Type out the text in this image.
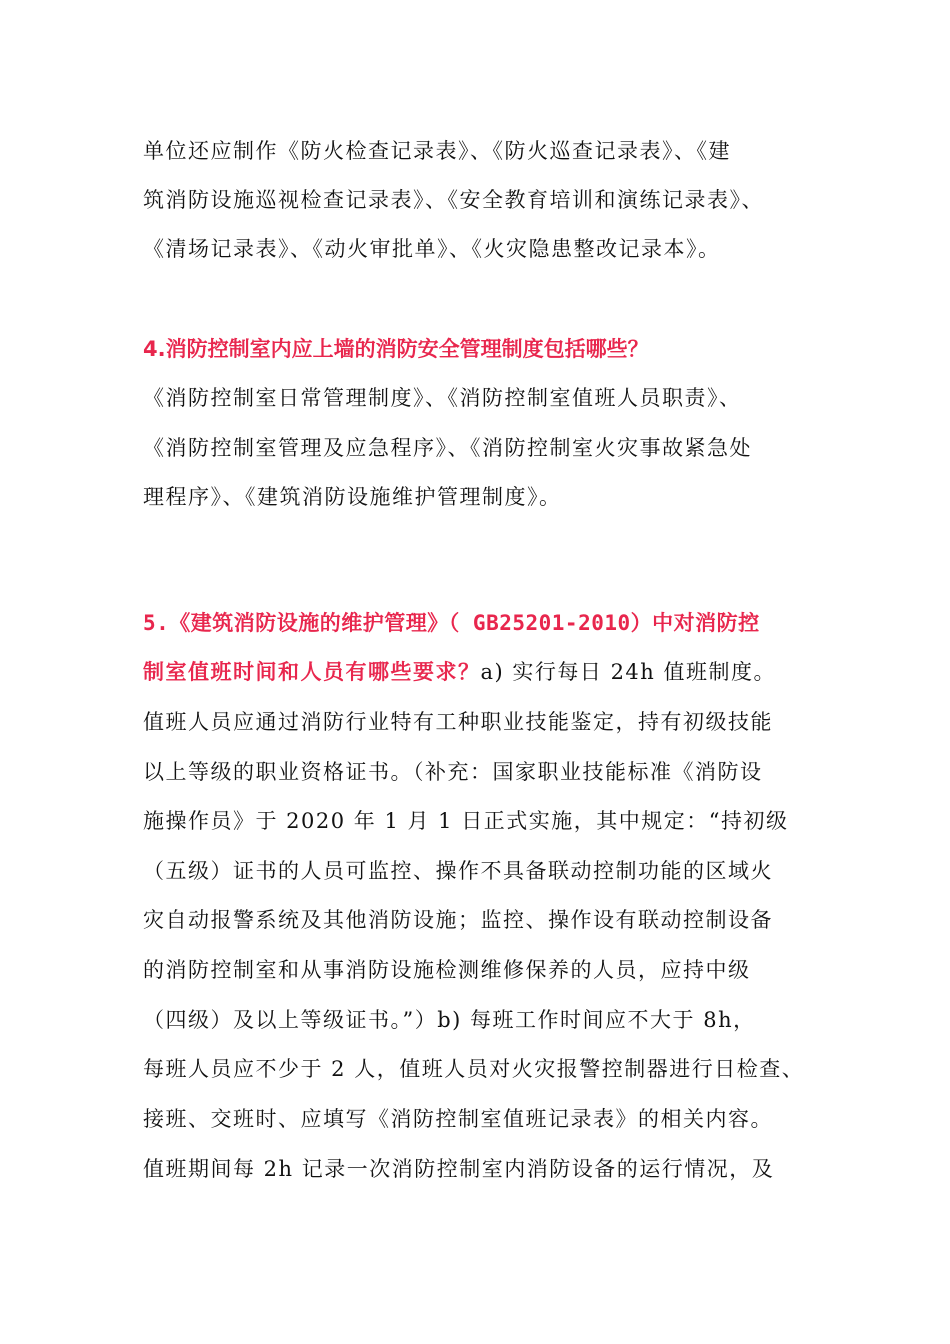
单位还应制作《防火检查记录表》、《防火巡查记录表》、《建
筑消防设施巡视检查记录表》、《安全教育培训和演练记录表》、
《清场记录表》、《动火审批单》、《火灾隐患整改记录本》。
4.消防控制室内应上墙的消防安全管理制度包括哪些？
《消防控制室日常管理制度》、《消防控制室值班人员职责》、
《消防控制室管理及应急程序》、《消防控制室火灾事故紧急处
理程序》、《建筑消防设施维护管理制度》。
5.《建筑消防设施的维护管理》（ GB25201-2010）中对消防控
制室值班时间和人员有哪些要求？a) 实行每日 24h 值班制度。
值班人员应通过消防行业特有工种职业技能鉴定，持有初级技能
以上等级的职业资格证书。（补充：国家职业技能标准《消防设
施操作员》于 2020 年 1 月 1 日正式实施，其中规定：“持初级
（五级）证书的人员可监控、操作不具备联动控制功能的区域火
灾自动报警系统及其他消防设施；监控、操作设有联动控制设备
的消防控制室和从事消防设施检测维修保养的人员，应持中级
（四级）及以上等级证书。”）b) 每班工作时间应不大于 8h，
每班人员应不少于 2 人，值班人员对火灾报警控制器进行日检查、
接班、交班时、应填写《消防控制室值班记录表》的相关内容。
值班期间每 2h 记录一次消防控制室内消防设备的运行情况，及
